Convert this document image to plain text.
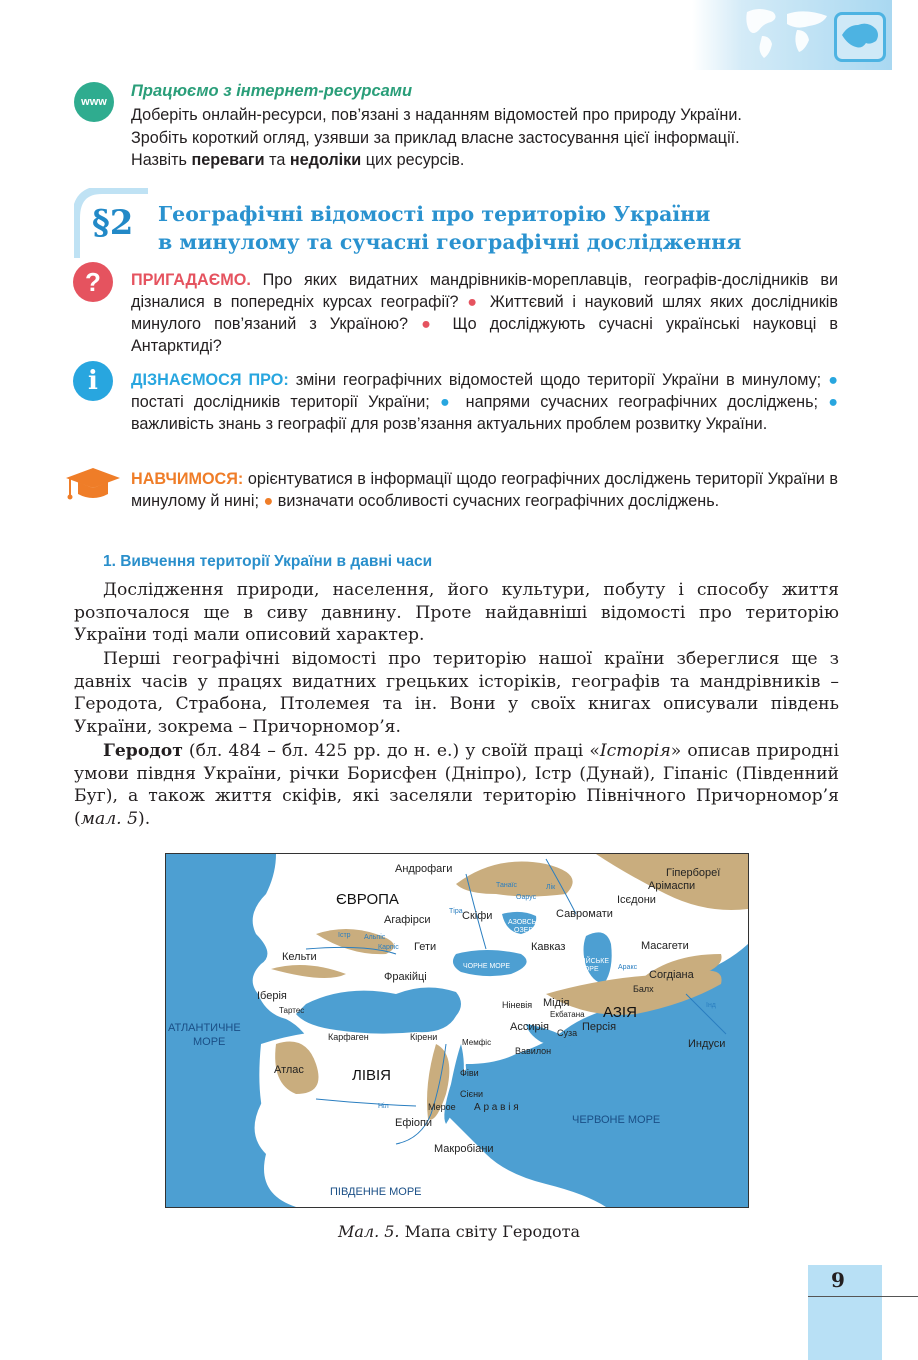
www
Працюємо з інтернет-ресурсами
Доберіть онлайн-ресурси, пов’язані з наданням відомостей про природу України.
Зробіть короткий огляд, узявши за приклад власне застосування цієї інформації.
Назвіть переваги та недоліки цих ресурсів.
§2 Географічні відомості про територію України
в минулому та сучасні географічні дослідження
?	ПРИГАДАЄМО. Про яких видатних мандрівників-мореплавців, географів-дослідників ви дізналися в попередніх курсах географії? ● Життєвий і науковий шлях яких дослідників минулого пов’язаний з Україною? ● Що досліджують сучасні українські науковці в Антарктиді?
i	ДІЗНАЄМОСЯ ПРО: зміни географічних відомостей щодо території України в минулому; ● постаті дослідників території України; ● напрями сучасних географічних досліджень; ● важливість знань з географії для розв’язання актуальних проблем розвитку України.
НАВЧИМОСЯ: орієнтуватися в інформації щодо географічних досліджень території України в минулому й нині; ● визначати особливості сучасних географічних досліджень.
1. Вивчення території України в давні часи
Дослідження природи, населення, його культури, побуту і способу життя розпочалося ще в сиву давнину. Проте найдавніші відомості про територію України тоді мали описовий характер.
Перші географічні відомості про територію нашої країни збереглися ще з давніх часів у працях видатних грецьких історіків, географів та мандрівників – Геродота, Страбона, Птолемея та ін. Вони у своїх книгах описували південь України, зокрема – Причорномор’я.
Геродот (бл. 484 – бл. 425 рр. до н. е.) у своїй праці «Історія» описав природні умови півдня України, річки Борисфен (Дніпро), Істр (Дунай), Гіпаніс (Південний Буг), а також життя скіфів, які заселяли територію Північного Причорномор’я (мал. 5).
ЄВРОПА
АЗІЯ
ЛІВІЯ
АТЛАНТИЧНЕ
МОРЕ
ЧЕРВОНЕ МОРЕ
ПІВДЕННЕ МОРЕ
ЧОРНЕ МОРЕ
АЗОВСЬКЕ
ОЗЕРО
КАСПІЙСЬКЕ
МОРЕ
Андрофаги	Гіпербореї
Арімаспи
Ісєдони
Савромати
Агафірси	Скіфи
Кельти
Гети	Кавказ	Масагети
Согдіана
Фракійці
Іберія
Тартес
Карфаген	Кірени
Мемфіс
Ніневія Мідія
Екбатана
Ассирія Суза Персія
Вавилон
Балх
Индуси
Атлас	Фіви
Сієни
Мерое А р а в і я
Ефіопи
Макробіани
Істр
Танаїс
Ніл
Інд
Тіра
Альпіс
Карпіс
Оарус
Аракс
Лік
Мал. 5. Мапа світу Геродота
9
